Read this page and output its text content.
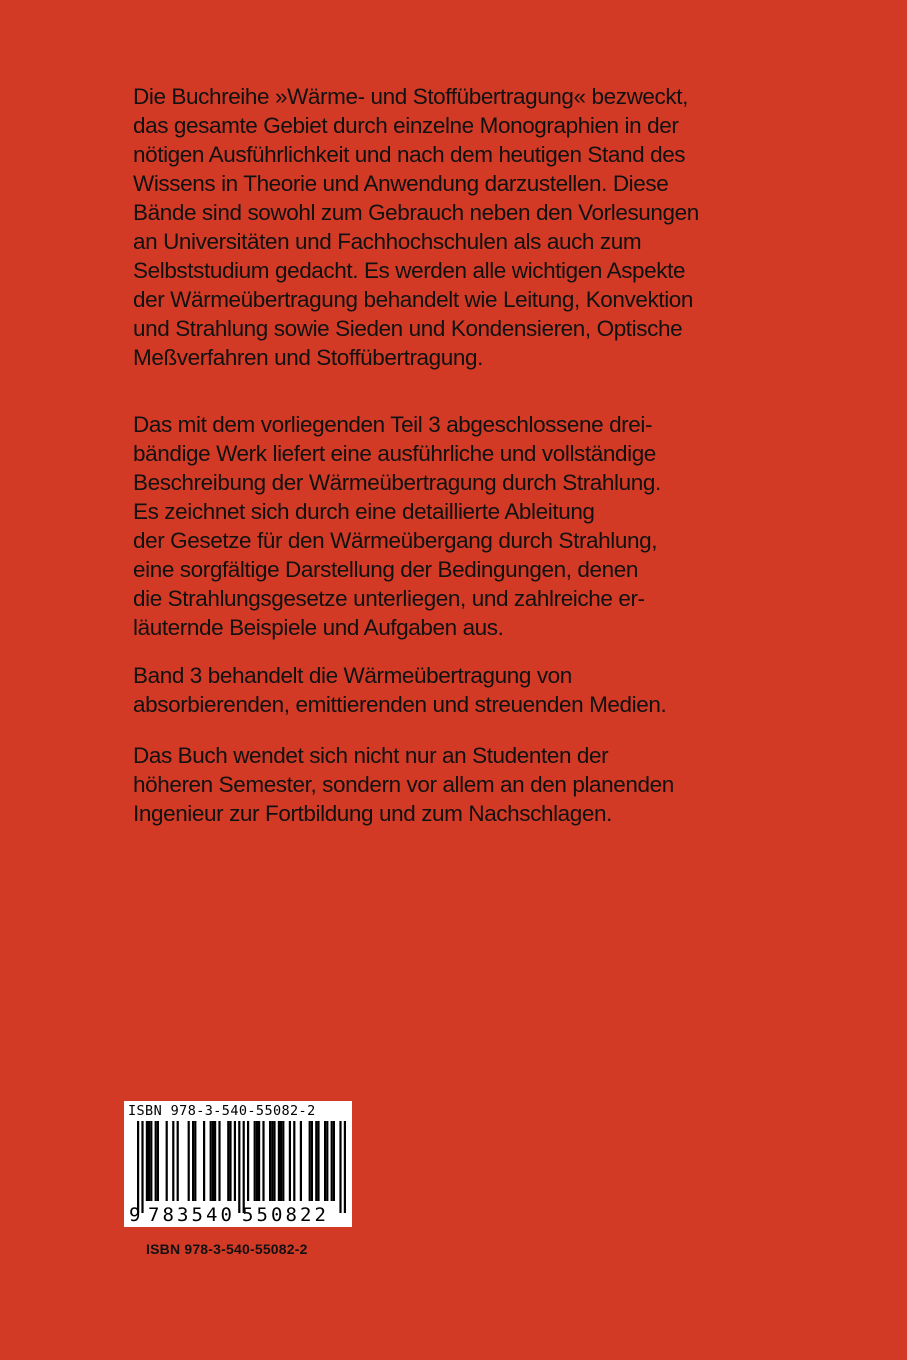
Die Buchreihe »Wärme- und Stoffübertragung« bezweckt,
das gesamte Gebiet durch einzelne Monographien in der
nötigen Ausführlichkeit und nach dem heutigen Stand des
Wissens in Theorie und Anwendung darzustellen. Diese
Bände sind sowohl zum Gebrauch neben den Vorlesungen
an Universitäten und Fachhochschulen als auch zum
Selbststudium gedacht. Es werden alle wichtigen Aspekte
der Wärmeübertragung behandelt wie Leitung, Konvektion
und Strahlung sowie Sieden und Kondensieren, Optische
Meßverfahren und Stoffübertragung.
Das mit dem vorliegenden Teil 3 abgeschlossene drei-
bändige Werk liefert eine ausführliche und vollständige
Beschreibung der Wärmeübertragung durch Strahlung.
Es zeichnet sich durch eine detaillierte Ableitung
der Gesetze für den Wärmeübergang durch Strahlung,
eine sorgfältige Darstellung der Bedingungen, denen
die Strahlungsgesetze unterliegen, und zahlreiche er-
läuternde Beispiele und Aufgaben aus.
Band 3 behandelt die Wärmeübertragung von
absorbierenden, emittierenden und streuenden Medien.
Das Buch wendet sich nicht nur an Studenten der
höheren Semester, sondern vor allem an den planenden
Ingenieur zur Fortbildung und zum Nachschlagen.
ISBN 978-3-540-55082-2
9 783540 550822
ISBN 978-3-540-55082-2
